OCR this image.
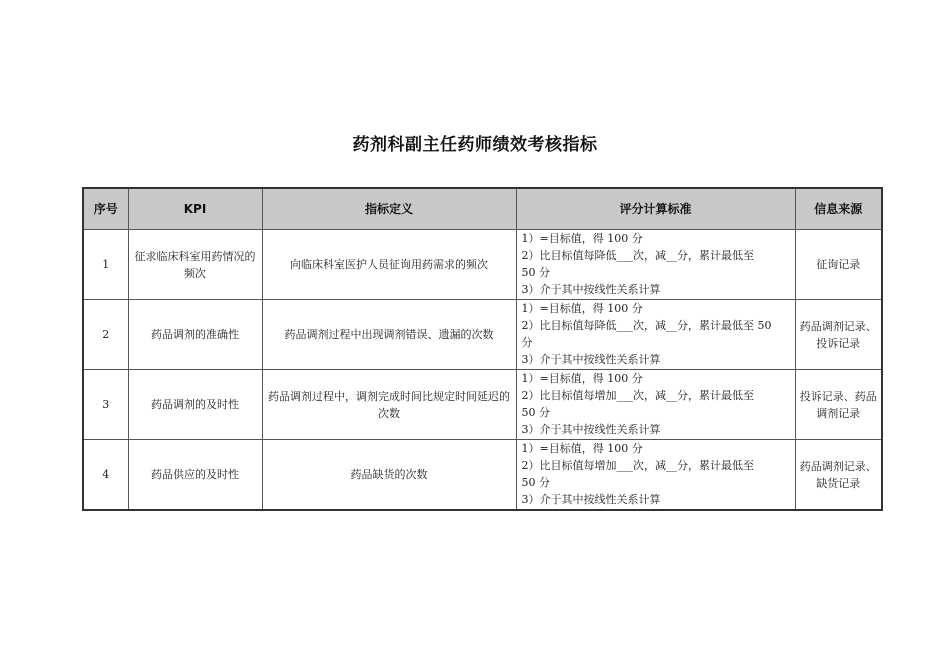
药剂科副主任药师绩效考核指标
序号	KPI	指标定义	评分计算标准	信息来源
1	征求临床科室用药情况的频次	向临床科室医护人员征询用药需求的频次	1）=目标值，得 100 分
2）比目标值每降低___次，减__分，累计最低至
50 分
3）介于其中按线性关系计算	征询记录
2	药品调剂的准确性	药品调剂过程中出现调剂错误、遗漏的次数	1）=目标值，得 100 分
2）比目标值每降低___次，减__分，累计最低至 50
分
3）介于其中按线性关系计算	药品调剂记录、投诉记录
3	药品调剂的及时性	药品调剂过程中，调剂完成时间比规定时间延迟的次数	1）=目标值，得 100 分
2）比目标值每增加___次，减__分，累计最低至
50 分
3）介于其中按线性关系计算	投诉记录、药品调剂记录
4	药品供应的及时性	药品缺货的次数	1）=目标值，得 100 分
2）比目标值每增加___次，减__分，累计最低至
50 分
3）介于其中按线性关系计算	药品调剂记录、缺货记录
